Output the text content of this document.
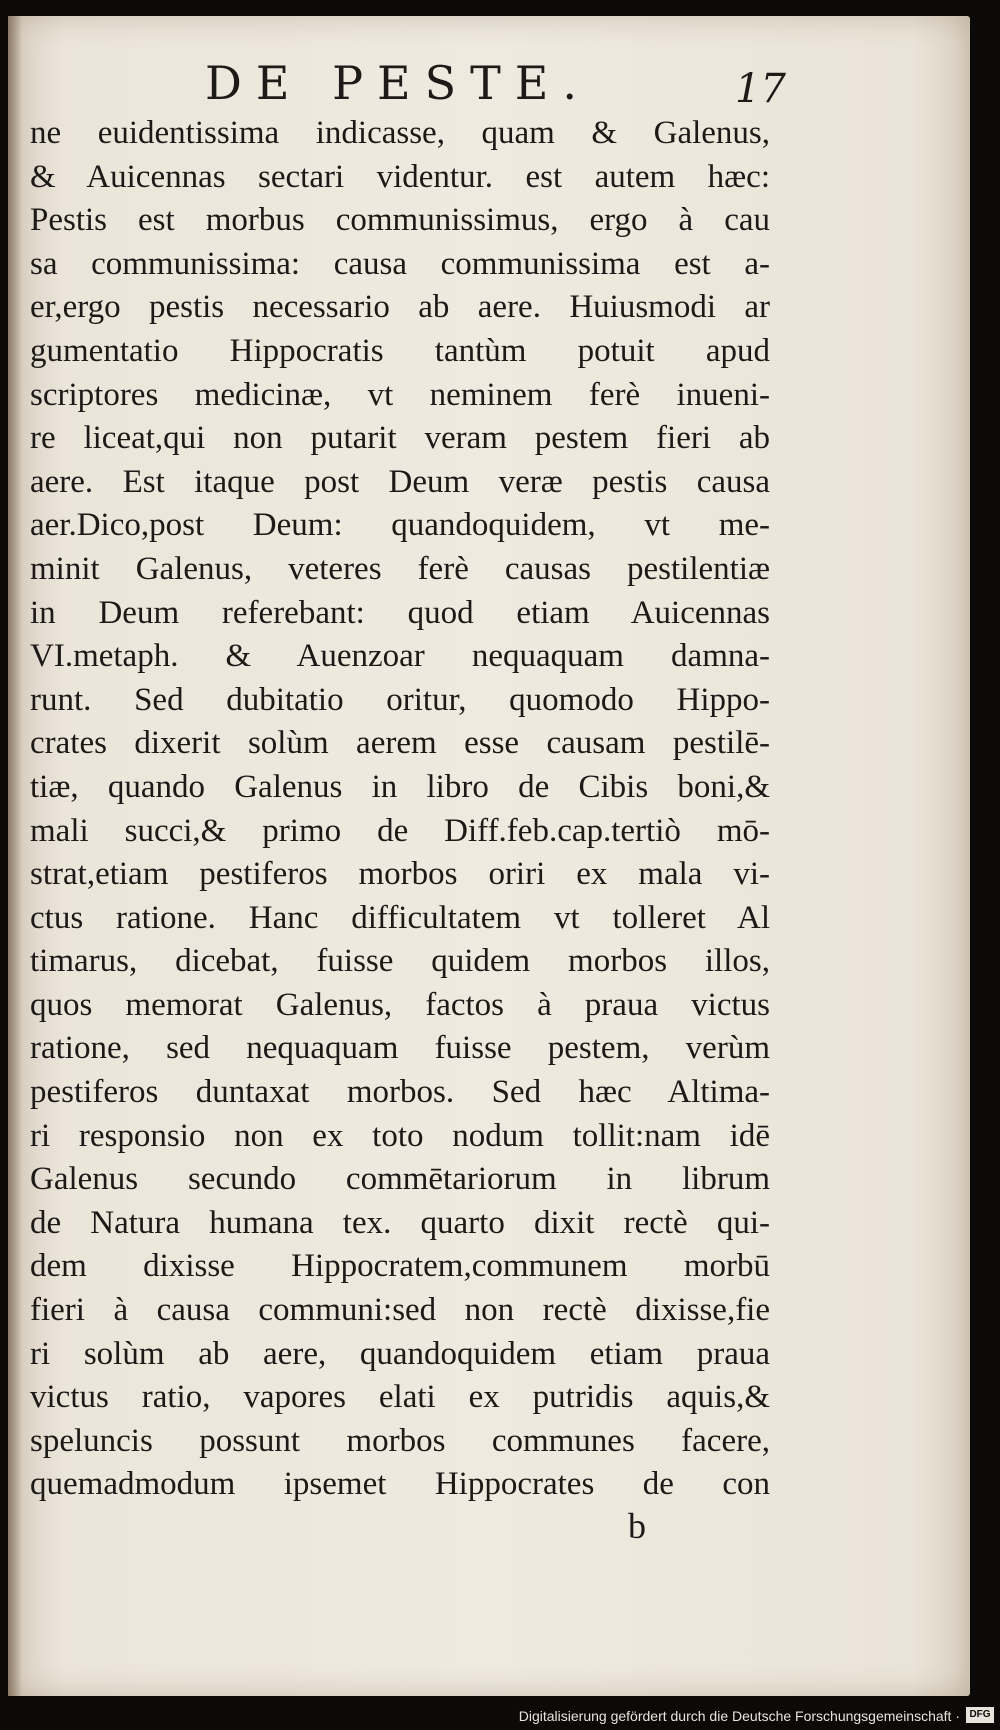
DE PESTE.	17
ne euidentissima indicasse, quam & Galenus,
& Auicennas sectari videntur. est autem hæc:
Pestis est morbus communissimus, ergo à cau
sa communissima: causa communissima est a-
er,ergo pestis necessario ab aere. Huiusmodi ar
gumentatio Hippocratis tantùm potuit apud
scriptores medicinæ, vt neminem ferè inueni-
re liceat,qui non putarit veram pestem fieri ab
aere. Est itaque post Deum veræ pestis causa
aer.Dico,post Deum: quandoquidem, vt me-
minit Galenus, veteres ferè causas pestilentiæ
in Deum referebant: quod etiam Auicennas
VI.metaph. & Auenzoar nequaquam damna-
runt. Sed dubitatio oritur, quomodo Hippo-
crates dixerit solùm aerem esse causam pestilē-
tiæ, quando Galenus in libro de Cibis boni,&
mali succi,& primo de Diff.feb.cap.tertiò mō-
strat,etiam pestiferos morbos oriri ex mala vi-
ctus ratione. Hanc difficultatem vt tolleret Al
timarus, dicebat, fuisse quidem morbos illos,
quos memorat Galenus, factos à praua victus
ratione, sed nequaquam fuisse pestem, verùm
pestiferos duntaxat morbos. Sed hæc Altima-
ri responsio non ex toto nodum tollit:nam idē
Galenus secundo commētariorum in librum
de Natura humana tex. quarto dixit rectè qui-
dem dixisse Hippocratem,communem morbū
fieri à causa communi:sed non rectè dixisse,fie
ri solùm ab aere, quandoquidem etiam praua
victus ratio, vapores elati ex putridis aquis,&
speluncis possunt morbos communes facere,
quemadmodum ipsemet Hippocrates de con
b
Digitalisierung gefördert durch die Deutsche Forschungsgemeinschaft · DFG
